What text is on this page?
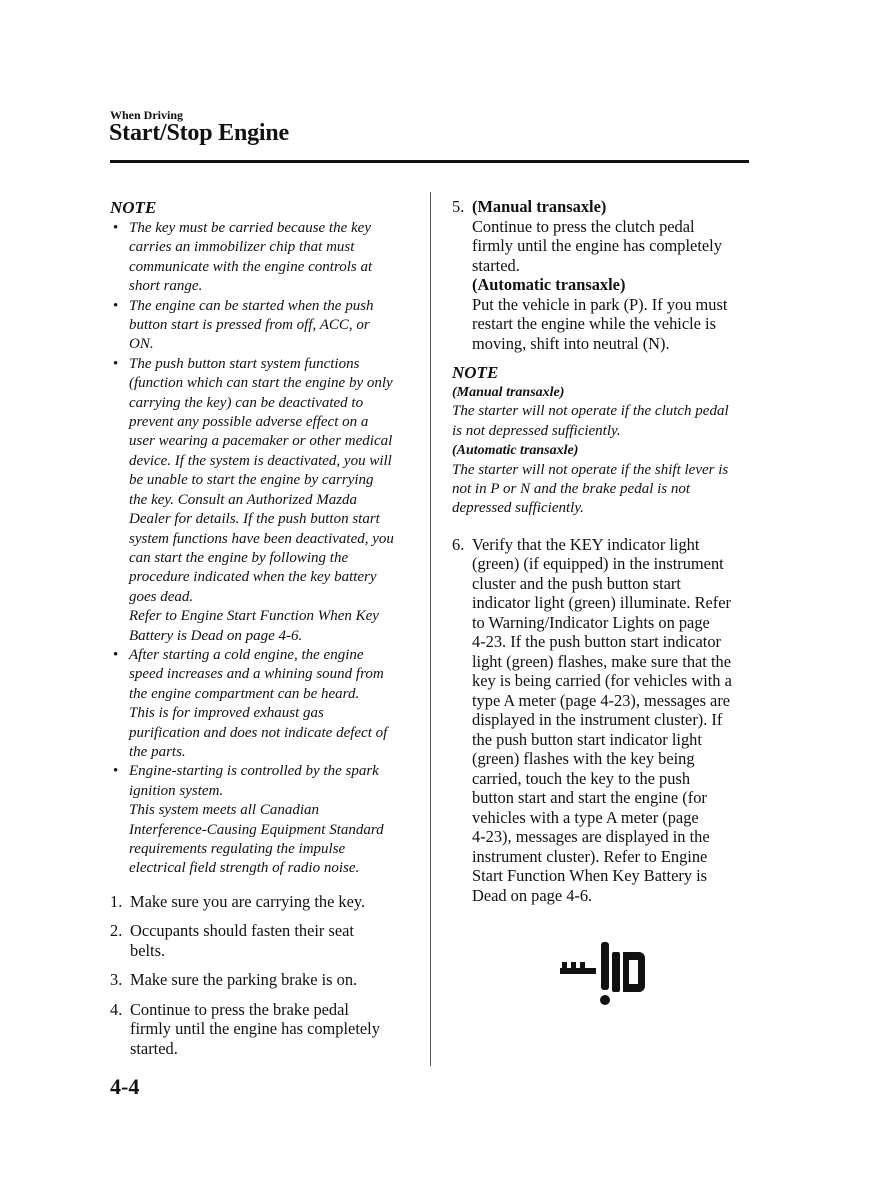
When Driving
Start/Stop Engine

NOTE

• The key must be carried because the key
carries an immobilizer chip that must
communicate with the engine controls at
short range.
• The engine can be started when the push
button start is pressed from off, ACC, or
ON.
• The push button start system functions
(function which can start the engine by only
carrying the key) can be deactivated to
prevent any possible adverse effect on a
user wearing a pacemaker or other medical
device. If the system is deactivated, you will
be unable to start the engine by carrying
the key. Consult an Authorized Mazda
Dealer for details. If the push button start
system functions have been deactivated, you
can start the engine by following the
procedure indicated when the key battery
goes dead.
Refer to Engine Start Function When Key
Battery is Dead on page 4-6.
• After starting a cold engine, the engine
speed increases and a whining sound from
the engine compartment can be heard.
This is for improved exhaust gas
purification and does not indicate defect of
the parts.
• Engine-starting is controlled by the spark
ignition system.
This system meets all Canadian
Interference-Causing Equipment Standard
requirements regulating the impulse
electrical field strength of radio noise.
1. Make sure you are carrying the key.
2. Occupants should fasten their seat
belts.
3. Make sure the parking brake is on.
4. Continue to press the brake pedal
firmly until the engine has completely
started.
5. (Manual transaxle)
Continue to press the clutch pedal
firmly until the engine has completely
started.
(Automatic transaxle)
Put the vehicle in park (P). If you must
restart the engine while the vehicle is
moving, shift into neutral (N).

NOTE

(Manual transaxle)
The starter will not operate if the clutch pedal
is not depressed sufficiently.
(Automatic transaxle)
The starter will not operate if the shift lever is
not in P or N and the brake pedal is not
depressed sufficiently.
6. Verify that the KEY indicator light
(green) (if equipped) in the instrument
cluster and the push button start
indicator light (green) illuminate. Refer
to Warning/Indicator Lights on page
4-23. If the push button start indicator
light (green) flashes, make sure that the
key is being carried (for vehicles with a
type A meter (page 4-23), messages are
displayed in the instrument cluster). If
the push button start indicator light
(green) flashes with the key being
carried, touch the key to the push
button start and start the engine (for
vehicles with a type A meter (page
4-23), messages are displayed in the
instrument cluster). Refer to Engine
Start Function When Key Battery is
Dead on page 4-6.
4-4
